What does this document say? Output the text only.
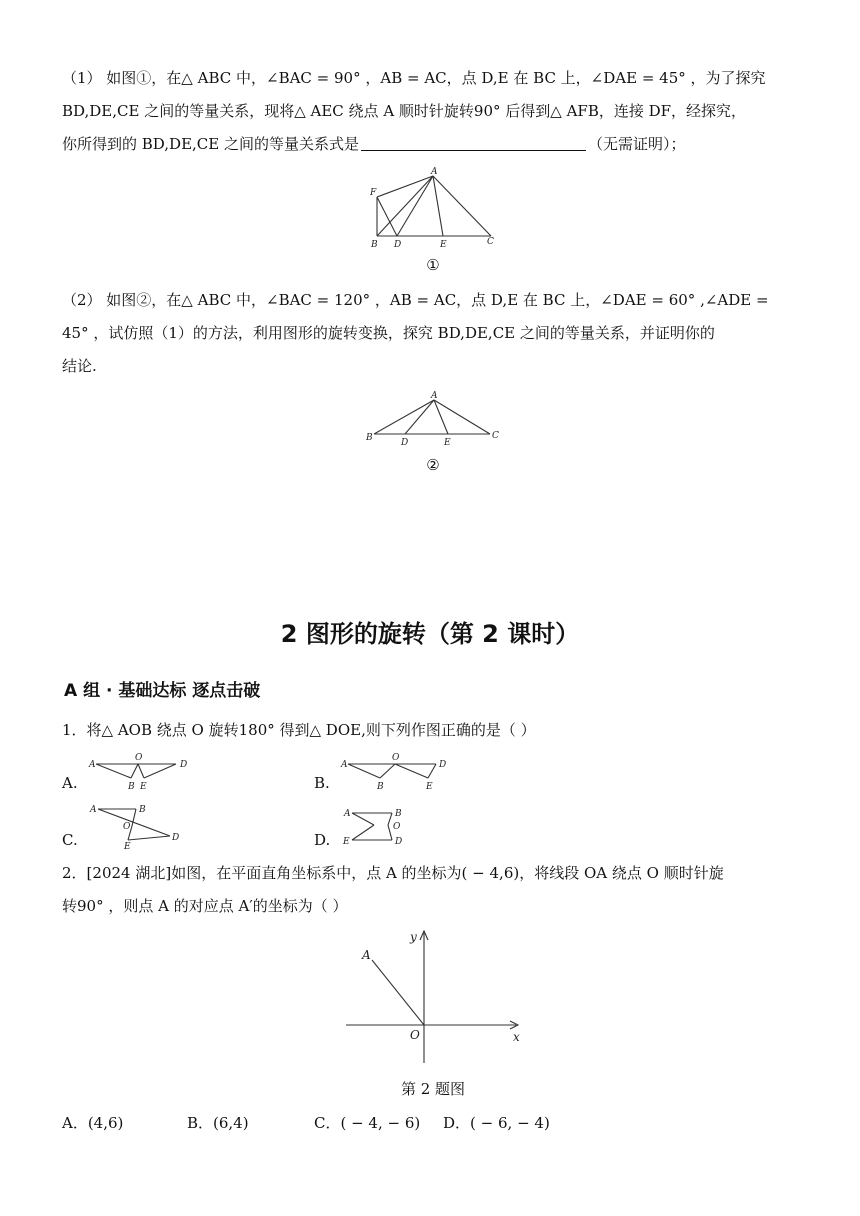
（1） 如图①，在△ ABC 中，∠BAC = 90° ，AB = AC，点 D,E 在 BC 上，∠DAE = 45° ，为了探究
BD,DE,CE 之间的等量关系，现将△ AEC 绕点 A 顺时针旋转90° 后得到△ AFB，连接 DF，经探究，
你所得到的 BD,DE,CE 之间的等量关系式是	（无需证明）；
F
A
B D	E	C
①
（2） 如图②，在△ ABC 中，∠BAC = 120° ，AB = AC，点 D,E 在 BC 上，∠DAE = 60° ,∠ADE =
45° ，试仿照（1）的方法，利用图形的旋转变换，探究 BD,DE,CE 之间的等量关系，并证明你的
结论.
A
B	D	E
C
②
2 图形的旋转（第 2 课时）
A 组 · 基础达标 逐点击破
1．将△ AOB 绕点 O 旋转180° 得到△ DOE,则下列作图正确的是（ ）
A.
A
O
B E
D
B.
A
O
B	E
D
C.
A	B
O
E
D	D.
A	B
O
E	D
2．[2024 湖北]如图，在平面直角坐标系中，点 A 的坐标为( − 4,6)，将线段 OA 绕点 O 顺时针旋
转90° ，则点 A 的对应点 A′的坐标为（ ）
A
O	x
y
第 2 题图
A．(4,6)	B．(6,4)	C．( − 4, − 6) D．( − 6, − 4)
